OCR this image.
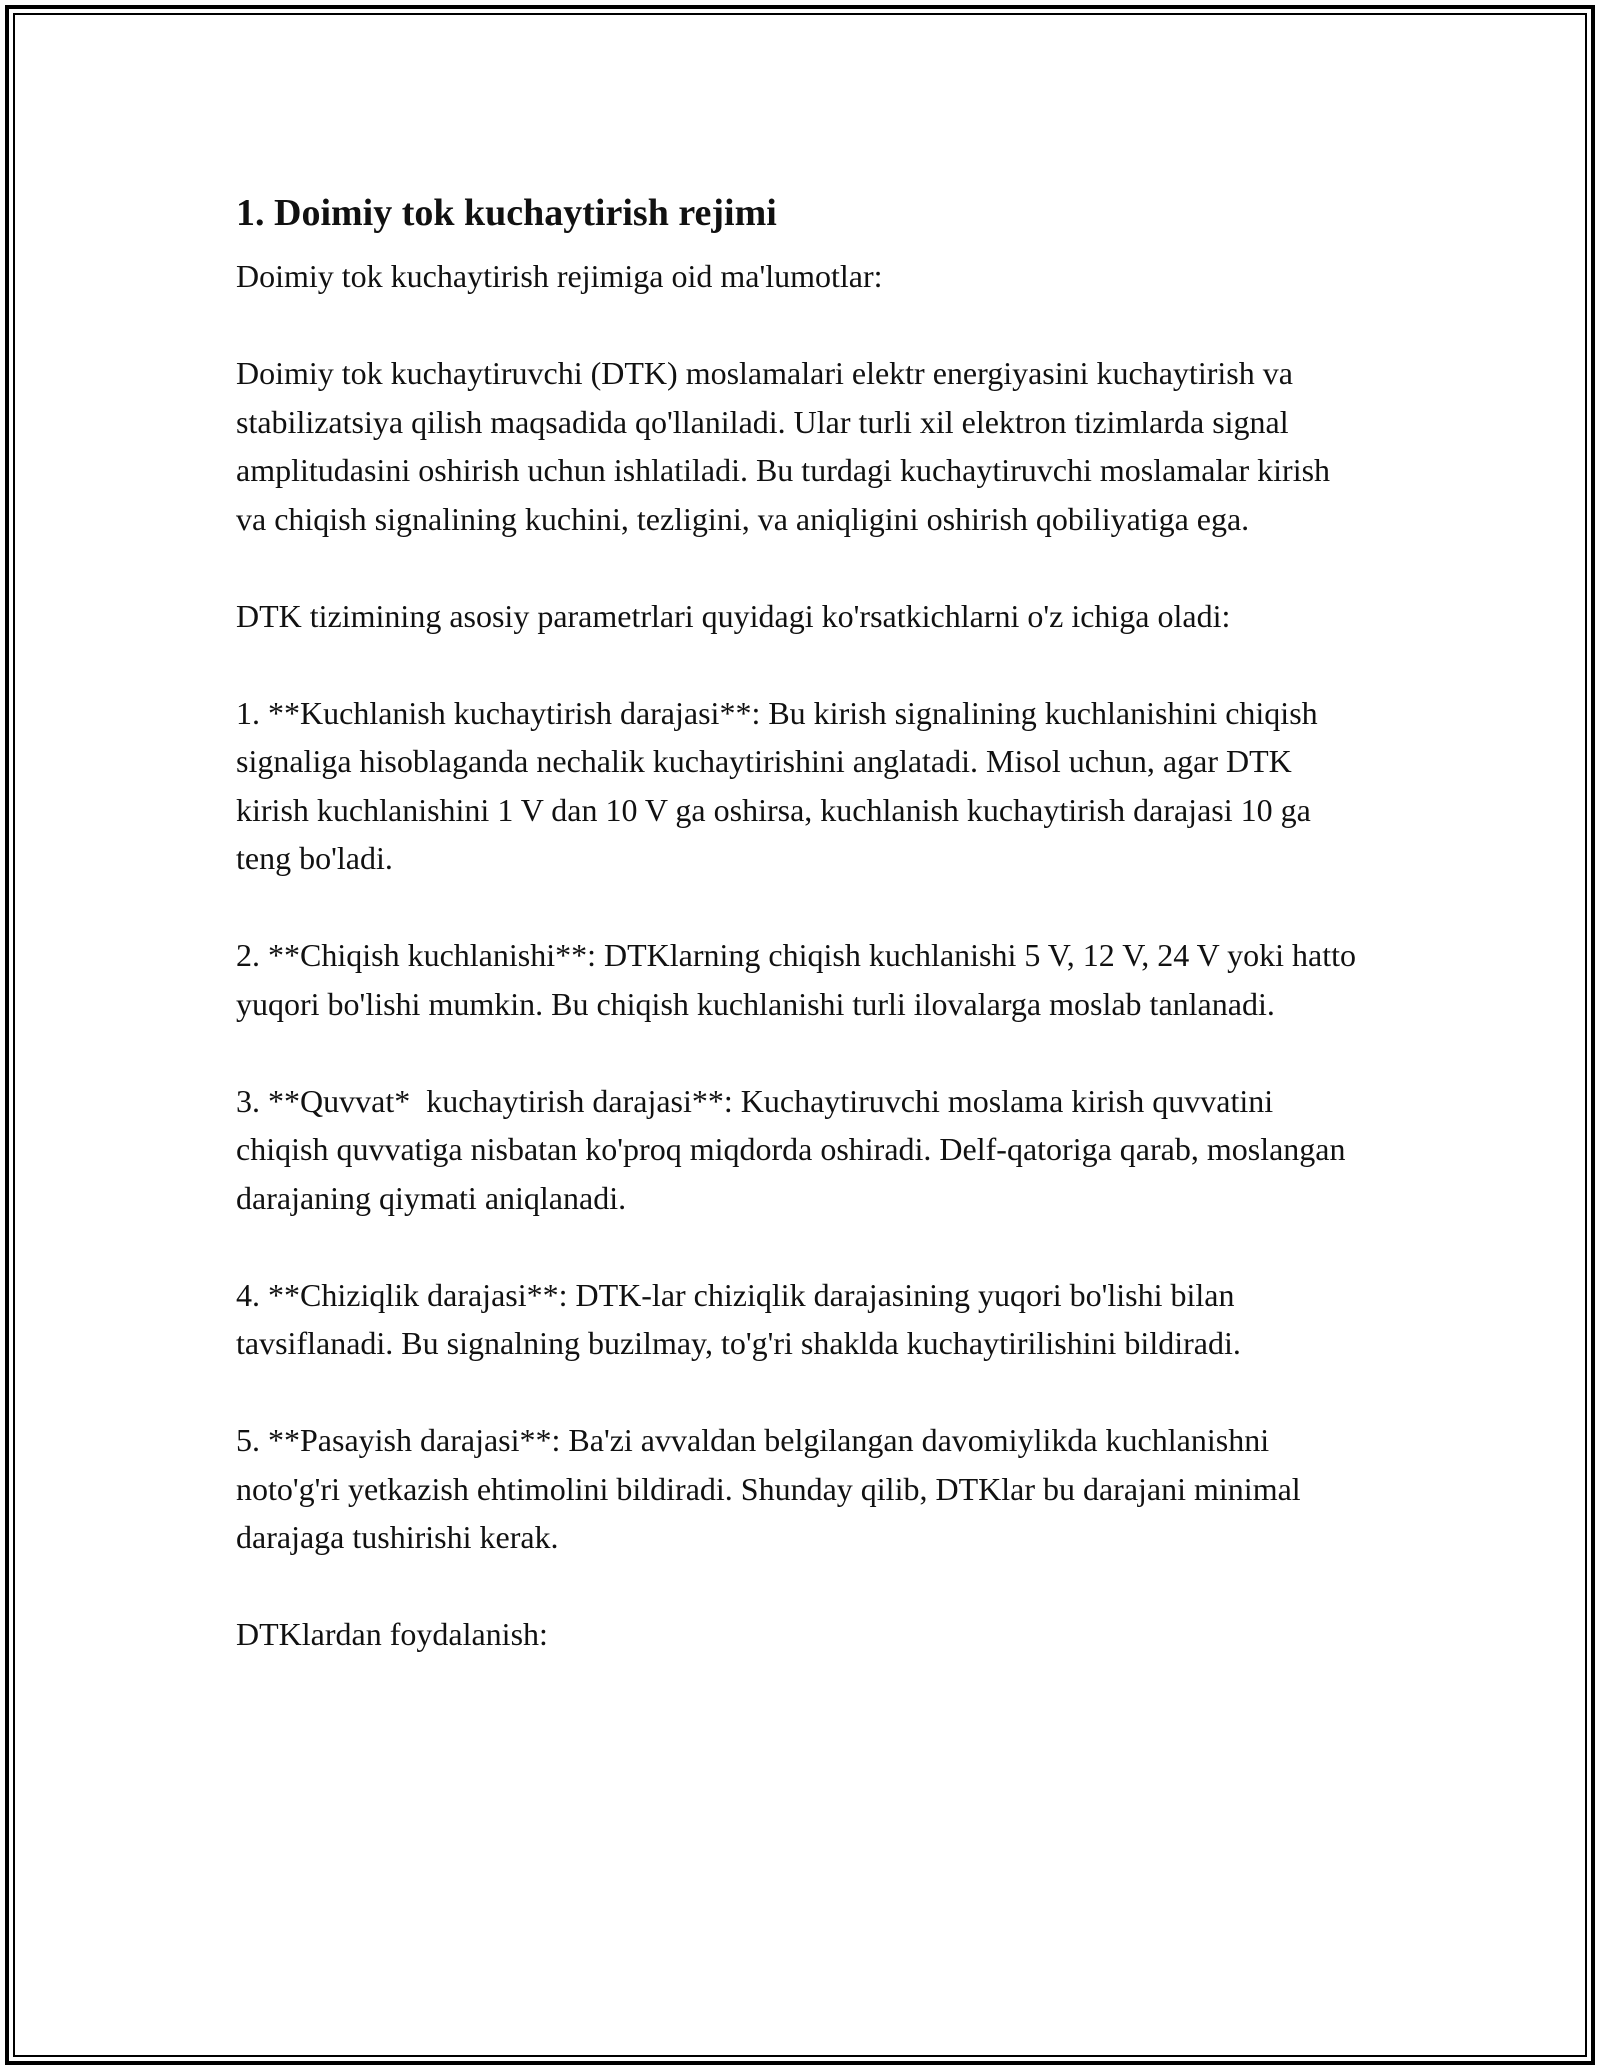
1. Doimiy tok kuchaytirish rejimi

Doimiy tok kuchaytirish rejimiga oid ma'lumotlar:

Doimiy tok kuchaytiruvchi (DTK) moslamalari elektr energiyasini kuchaytirish va stabilizatsiya qilish maqsadida qo'llaniladi. Ular turli xil elektron tizimlarda signal amplitudasini oshirish uchun ishlatiladi. Bu turdagi kuchaytiruvchi moslamalar kirish va chiqish signalining kuchini, tezligini, va aniqligini oshirish qobiliyatiga ega.

DTK tizimining asosiy parametrlari quyidagi ko'rsatkichlarni o'z ichiga oladi:

1. **Kuchlanish kuchaytirish darajasi**: Bu kirish signalining kuchlanishini chiqish signaliga hisoblaganda nechalik kuchaytirishini anglatadi. Misol uchun, agar DTK kirish kuchlanishini 1 V dan 10 V ga oshirsa, kuchlanish kuchaytirish darajasi 10 ga teng bo'ladi.

2. **Chiqish kuchlanishi**: DTKlarning chiqish kuchlanishi 5 V, 12 V, 24 V yoki hatto yuqori bo'lishi mumkin. Bu chiqish kuchlanishi turli ilovalarga moslab tanlanadi.

3. **Quvvat*  kuchaytirish darajasi**: Kuchaytiruvchi moslama kirish quvvatini chiqish quvvatiga nisbatan ko'proq miqdorda oshiradi. Delf-qatoriga qarab, moslangan darajaning qiymati aniqlanadi.

4. **Chiziqlik darajasi**: DTK-lar chiziqlik darajasining yuqori bo'lishi bilan tavsiflanadi. Bu signalning buzilmay, to'g'ri shaklda kuchaytirilishini bildiradi.

5. **Pasayish darajasi**: Ba'zi avvaldan belgilangan davomiylikda kuchlanishni noto'g'ri yetkazish ehtimolini bildiradi. Shunday qilib, DTKlar bu darajani minimal darajaga tushirishi kerak.

DTKlardan foydalanish:
